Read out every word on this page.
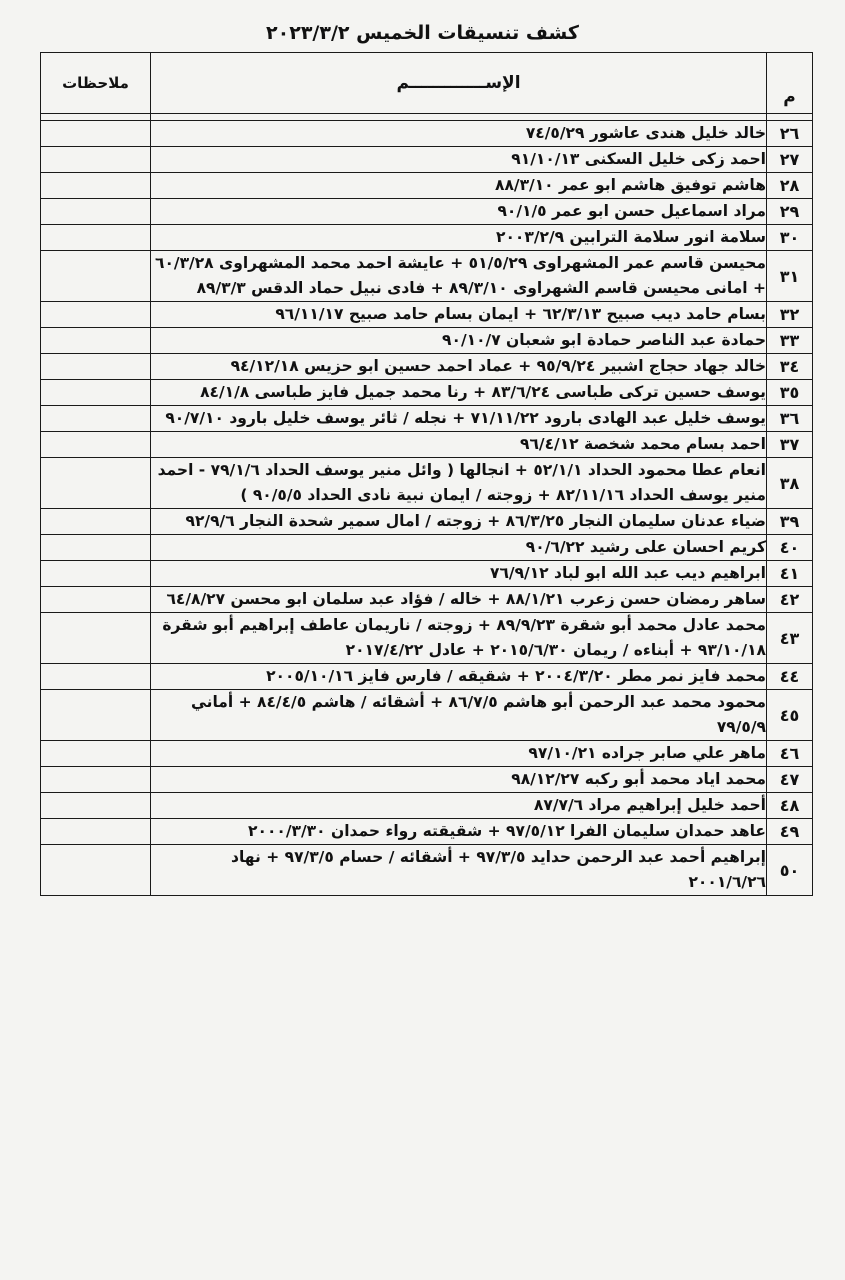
كشف تنسيقات الخميس ٢٠٢٣/٣/٢
م	الإســـــــــــــم	ملاحظات

٢٦	خالد خليل هندى عاشور ٧٤/٥/٢٩	
٢٧	احمد زكى خليل السكنى ٩١/١٠/١٣	
٢٨	هاشم توفيق هاشم ابو عمر ٨٨/٣/١٠	
٢٩	مراد اسماعيل حسن ابو عمر ٩٠/١/٥	
٣٠	سلامة انور سلامة الترابين ٢٠٠٣/٢/٩	
٣١	محيسن قاسم عمر المشهراوى ٥١/٥/٢٩ + عايشة احمد محمد المشهراوى ٦٠/٣/٢٨ + امانى محيسن قاسم الشهراوى ٨٩/٣/١٠ + فادى نبيل حماد الدقس ٨٩/٣/٣	
٣٢	بسام حامد ديب صبيح ٦٢/٣/١٣ + ايمان بسام حامد صبيح ٩٦/١١/١٧	
٣٣	حمادة عبد الناصر حمادة ابو شعبان ٩٠/١٠/٧	
٣٤	خالد جهاد حجاج اشبير ٩٥/٩/٢٤ + عماد احمد حسين ابو حزيس ٩٤/١٢/١٨	
٣٥	يوسف حسين تركى طباسى ٨٣/٦/٢٤ + رنا محمد جميل فايز طباسى ٨٤/١/٨	
٣٦	يوسف خليل عبد الهادى بارود ٧١/١١/٢٢ + نجله / ثائر يوسف خليل بارود ٩٠/٧/١٠	
٣٧	احمد بسام محمد شخصة ٩٦/٤/١٢	
٣٨	انعام عطا محمود الحداد ٥٢/١/١ + انجالها ( وائل منير يوسف الحداد ٧٩/١/٦ - احمد منير يوسف الحداد ٨٢/١١/١٦ + زوجته / ايمان نبية نادى الحداد ٩٠/٥/٥ )	
٣٩	ضياء عدنان سليمان النجار ٨٦/٣/٢٥ + زوجته / امال سمير شحدة النجار ٩٢/٩/٦	
٤٠	كريم احسان على رشيد ٩٠/٦/٢٢	
٤١	ابراهيم ديب عبد الله ابو لباد ٧٦/٩/١٢	
٤٢	ساهر رمضان حسن زعرب ٨٨/١/٢١ + خاله / فؤاد عبد سلمان ابو محسن ٦٤/٨/٢٧	
٤٣	محمد عادل محمد أبو شقرة ٨٩/٩/٢٣ + زوجته / ناريمان عاطف إبراهيم أبو شقرة ٩٣/١٠/١٨ + أبناءه / ريمان ٢٠١٥/٦/٣٠ + عادل ٢٠١٧/٤/٢٢	
٤٤	محمد فايز نمر مطر ٢٠٠٤/٣/٢٠ + شقيقه / فارس فايز ٢٠٠٥/١٠/١٦	
٤٥	محمود محمد عبد الرحمن أبو هاشم ٨٦/٧/٥ + أشقائه / هاشم ٨٤/٤/٥ + أماني ٧٩/٥/٩	
٤٦	ماهر علي صابر جراده ٩٧/١٠/٢١	
٤٧	محمد اياد محمد أبو ركبه ٩٨/١٢/٢٧	
٤٨	أحمد خليل إبراهيم مراد ٨٧/٧/٦	
٤٩	عاهد حمدان سليمان الفرا ٩٧/٥/١٢ + شقيقته رواء حمدان ٢٠٠٠/٣/٣٠	
٥٠	إبراهيم أحمد عبد الرحمن حدايد ٩٧/٣/٥ + أشقائه / حسام ٩٧/٣/٥ + نهاد ٢٠٠١/٦/٢٦	
